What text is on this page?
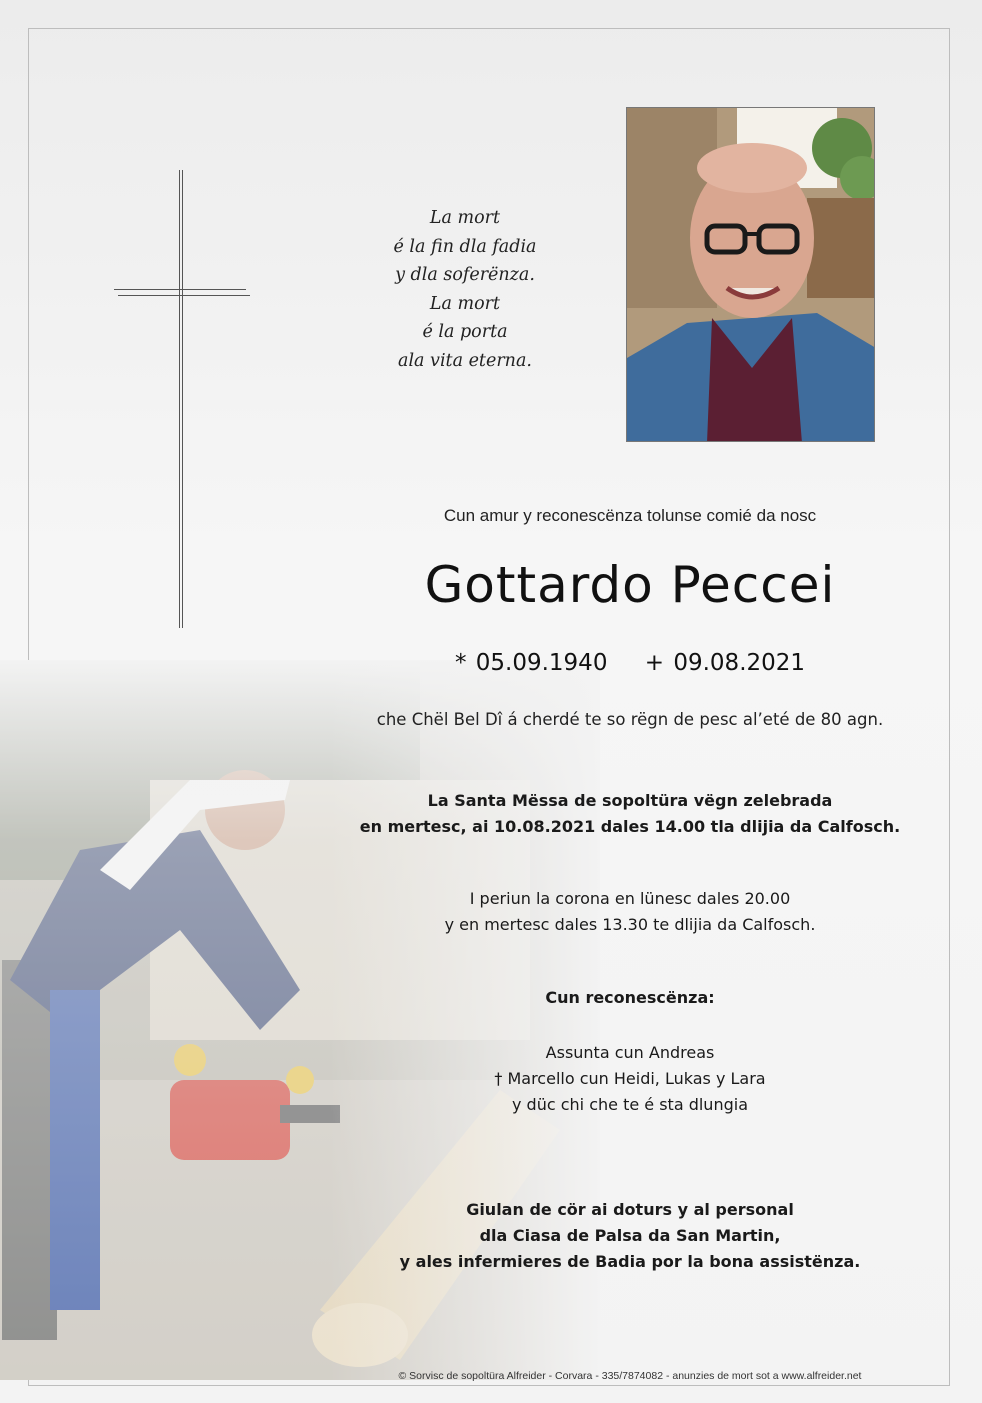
La mort
é la fin dla fadia
y dla soferënza.
La mort
é la porta
ala vita eterna.
Cun amur y reconescënza tolunse comié da nosc
Gottardo Peccei
* 05.09.1940 + 09.08.2021
che Chël Bel Dî á cherdé te so rëgn de pesc al’eté de 80 agn.
La Santa Mëssa de sopoltüra vëgn zelebrada
en mertesc, ai 10.08.2021 dales 14.00 tla dlijia da Calfosch.
I periun la corona en lünesc dales 20.00
y en mertesc dales 13.30 te dlijia da Calfosch.
Cun reconescënza:
Assunta cun Andreas
† Marcello cun Heidi, Lukas y Lara
y düc chi che te é sta dlungia
Giulan de cör ai doturs y al personal
dla Ciasa de Palsa da San Martin,
y ales infermieres de Badia por la bona assistënza.
© Sorvisc de sopoltüra Alfreider - Corvara - 335/7874082 - anunzies de mort sot a www.alfreider.net
